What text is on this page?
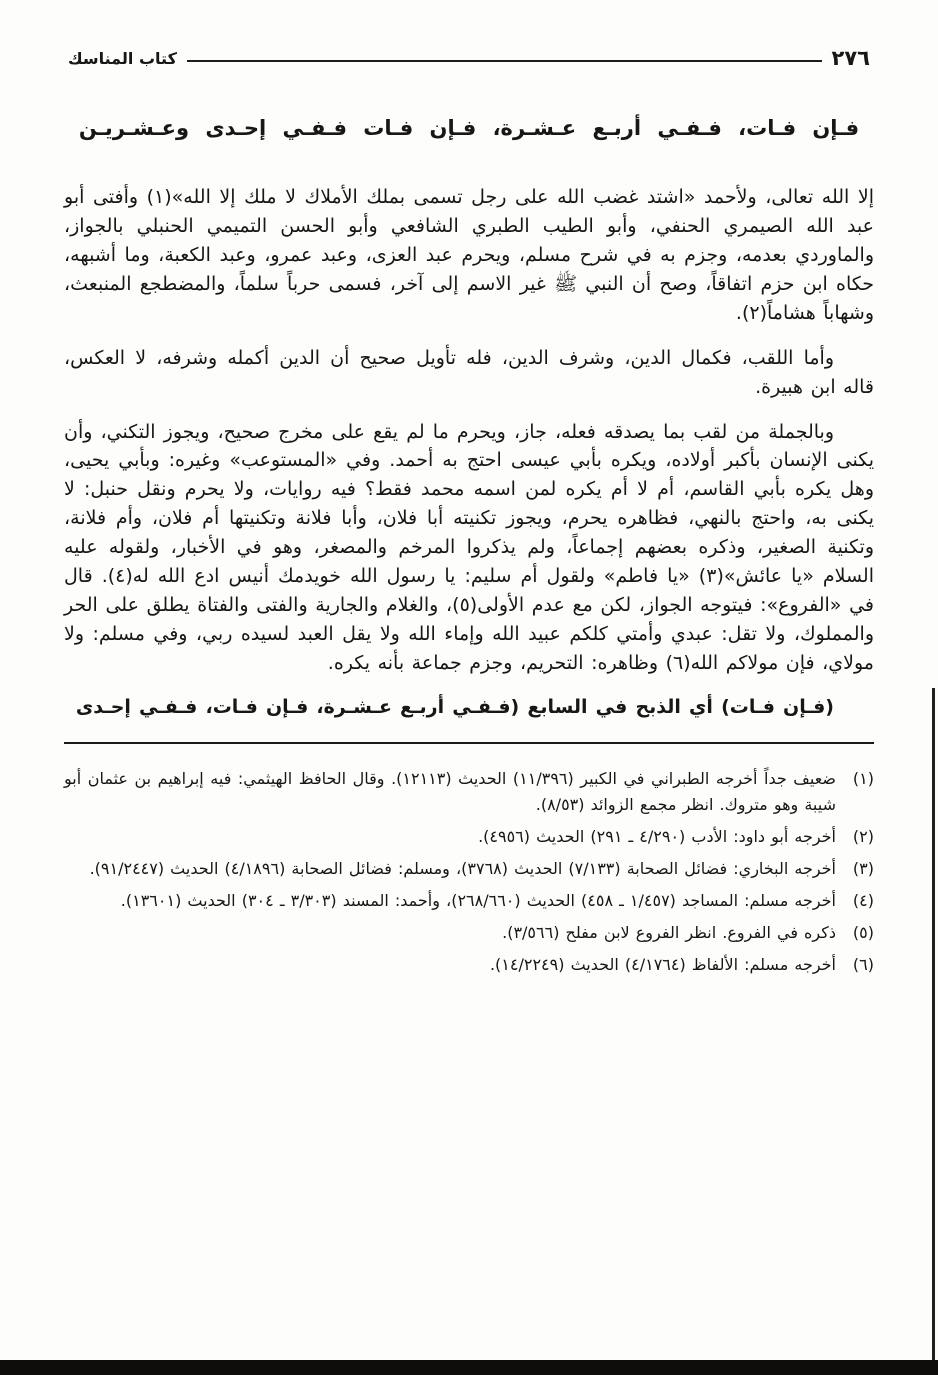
كتاب المناسك	٢٧٦
فـإن فـات، فـفـي أربـع عـشـرة، فـإن فـات فـفـي إحـدى وعـشـريـن

إلا الله تعالى، ولأحمد «اشتد غضب الله على رجل تسمى بملك الأملاك لا ملك إلا الله»(١) وأفتى أبو عبد الله الصيمري الحنفي، وأبو الطيب الطبري الشافعي وأبو الحسن التميمي الحنبلي بالجواز، والماوردي بعدمه، وجزم به في شرح مسلم، ويحرم عبد العزى، وعبد عمرو، وعبد الكعبة، وما أشبهه، حكاه ابن حزم اتفاقاً، وصح أن النبي ﷺ غير الاسم إلى آخر، فسمى حرباً سلماً، والمضطجع المنبعث، وشهاباً هشاماً(٢).

وأما اللقب، فكمال الدين، وشرف الدين، فله تأويل صحيح أن الدين أكمله وشرفه، لا العكس، قاله ابن هبيرة.

وبالجملة من لقب بما يصدقه فعله، جاز، ويحرم ما لم يقع على مخرج صحيح، ويجوز التكني، وأن يكنى الإنسان بأكبر أولاده، ويكره بأبي عيسى احتج به أحمد. وفي «المستوعب» وغيره: وبأبي يحيى، وهل يكره بأبي القاسم، أم لا أم يكره لمن اسمه محمد فقط؟ فيه روايات، ولا يحرم ونقل حنبل: لا يكنى به، واحتج بالنهي، فظاهره يحرم، ويجوز تكنيته أبا فلان، وأبا فلانة وتكنيتها أم فلان، وأم فلانة، وتكنية الصغير، وذكره بعضهم إجماعاً، ولم يذكروا المرخم والمصغر، وهو في الأخبار، ولقوله عليه السلام «يا عائش»(٣) «يا فاطم» ولقول أم سليم: يا رسول الله خويدمك أنيس ادع الله له(٤). قال في «الفروع»: فيتوجه الجواز، لكن مع عدم الأولى(٥)، والغلام والجارية والفتى والفتاة يطلق على الحر والمملوك، ولا تقل: عبدي وأمتي كلكم عبيد الله وإماء الله ولا يقل العبد لسيده ربي، وفي مسلم: ولا مولاي، فإن مولاكم الله(٦) وظاهره: التحريم، وجزم جماعة بأنه يكره.

(فـإن فـات) أي الذبح في السابع (فـفـي أربـع عـشـرة، فـإن فـات، فـفـي إحـدى

(١)ضعيف جداً أخرجه الطبراني في الكبير (١١/٣٩٦) الحديث (١٢١١٣). وقال الحافظ الهيثمي: فيه إبراهيم بن عثمان أبو شيبة وهو متروك. انظر مجمع الزوائد (٨/٥٣).

(٢)أخرجه أبو داود: الأدب (٤/٢٩٠ ـ ٢٩١) الحديث (٤٩٥٦).

(٣)أخرجه البخاري: فضائل الصحابة (٧/١٣٣) الحديث (٣٧٦٨)، ومسلم: فضائل الصحابة (٤/١٨٩٦) الحديث (٩١/٢٤٤٧).

(٤)أخرجه مسلم: المساجد (١/٤٥٧ ـ ٤٥٨) الحديث (٢٦٨/٦٦٠)، وأحمد: المسند (٣/٣٠٣ ـ ٣٠٤) الحديث (١٣٦٠١).

(٥)ذكره في الفروع. انظر الفروع لابن مفلح (٣/٥٦٦).

(٦)أخرجه مسلم: الألفاظ (٤/١٧٦٤) الحديث (١٤/٢٢٤٩).
